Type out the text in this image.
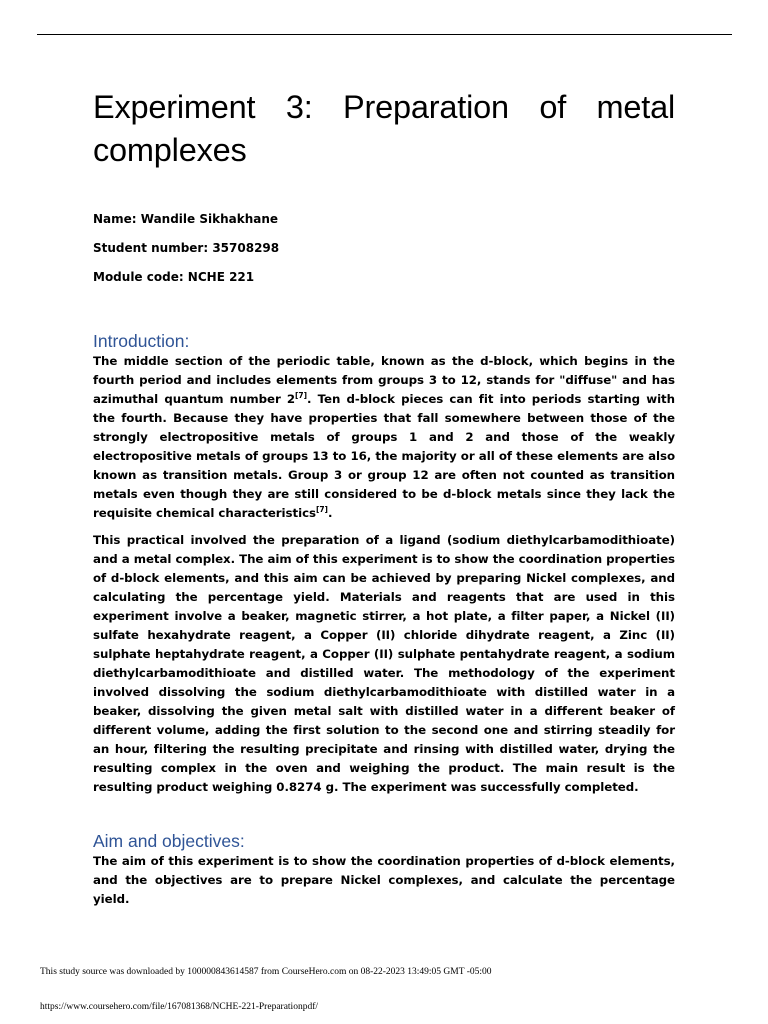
Experiment 3: Preparation of metal complexes

Name: Wandile Sikhakhane

Student number: 35708298

Module code: NCHE 221

Introduction:

The middle section of the periodic table, known as the d-block, which begins in the fourth period and includes elements from groups 3 to 12, stands for "diffuse" and has azimuthal quantum number 2[7]. Ten d-block pieces can fit into periods starting with the fourth. Because they have properties that fall somewhere between those of the strongly electropositive metals of groups 1 and 2 and those of the weakly electropositive metals of groups 13 to 16, the majority or all of these elements are also known as transition metals. Group 3 or group 12 are often not counted as transition metals even though they are still considered to be d-block metals since they lack the requisite chemical characteristics[7].

This practical involved the preparation of a ligand (sodium diethylcarbamodithioate) and a metal complex. The aim of this experiment is to show the coordination properties of d-block elements, and this aim can be achieved by preparing Nickel complexes, and calculating the percentage yield. Materials and reagents that are used in this experiment involve a beaker, magnetic stirrer, a hot plate, a filter paper, a Nickel (II) sulfate hexahydrate reagent, a Copper (II) chloride dihydrate reagent, a Zinc (II) sulphate heptahydrate reagent, a Copper (II) sulphate pentahydrate reagent, a sodium diethylcarbamodithioate and distilled water. The methodology of the experiment involved dissolving the sodium diethylcarbamodithioate with distilled water in a beaker, dissolving the given metal salt with distilled water in a different beaker of different volume, adding the first solution to the second one and stirring steadily for an hour, filtering the resulting precipitate and rinsing with distilled water, drying the resulting complex in the oven and weighing the product. The main result is the resulting product weighing 0.8274 g. The experiment was successfully completed.

Aim and objectives:

The aim of this experiment is to show the coordination properties of d-block elements, and the objectives are to prepare Nickel complexes, and calculate the percentage yield.

This study source was downloaded by 100000843614587 from CourseHero.com on 08-22-2023 13:49:05 GMT -05:00
https://www.coursehero.com/file/167081368/NCHE-221-Preparationpdf/
